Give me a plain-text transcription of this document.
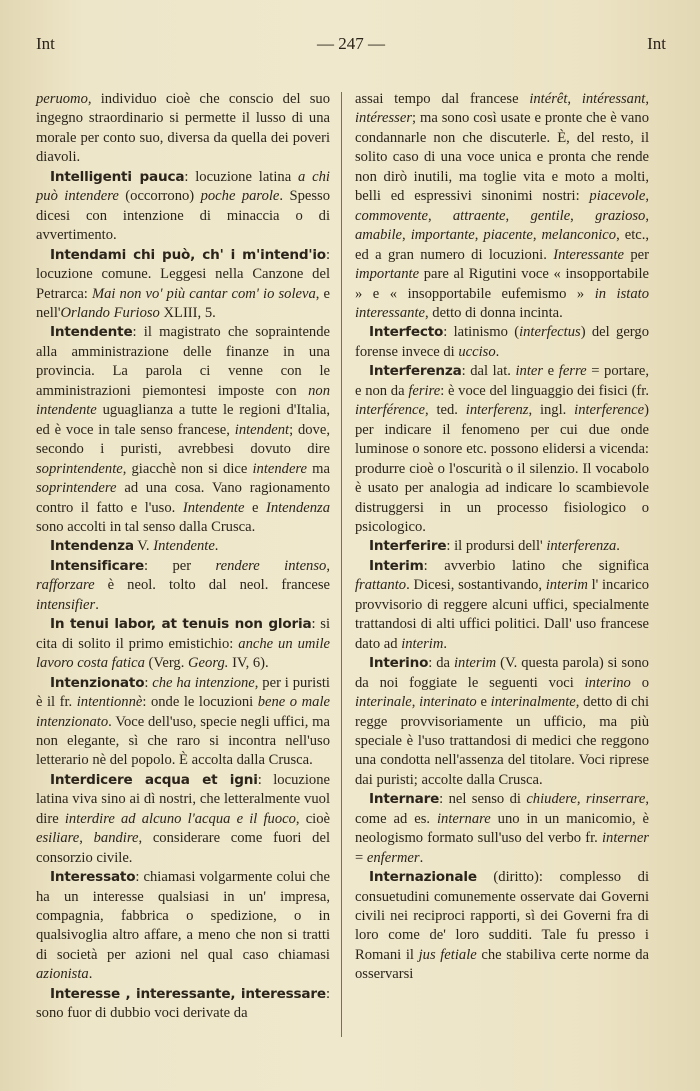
Int	— 247 —	Int

peruomo, individuo cioè che conscio del suo ingegno straordinario si permette il lusso di una morale per conto suo, diversa da quella dei poveri diavoli.

Intelligenti pauca: locuzione latina a chi può intendere (occorrono) poche parole. Spesso dicesi con intenzione di minaccia o di avvertimento.

Intendami chi può, ch' i m'intend'io: locuzione comune. Leggesi nella Canzone del Petrarca: Mai non vo' più cantar com' io soleva, e nell'Orlando Furioso XLIII, 5.

Intendente: il magistrato che sopraintende alla amministrazione delle finanze in una provincia. La parola ci venne con le amministrazioni piemontesi imposte con non intendente uguaglianza a tutte le regioni d'Italia, ed è voce in tale senso francese, intendent; dove, secondo i puristi, avrebbesi dovuto dire soprintendente, giacchè non si dice intendere ma soprintendere ad una cosa. Vano ragionamento contro il fatto e l'uso. Intendente e Intendenza sono accolti in tal senso dalla Crusca.

Intendenza V. Intendente.

Intensificare: per rendere intenso, rafforzare è neol. tolto dal neol. francese intensifier.

In tenui labor, at tenuis non gloria: si cita di solito il primo emistichio: anche un umile lavoro costa fatica (Verg. Georg. IV, 6).

Intenzionato: che ha intenzione, per i puristi è il fr. intentionnè: onde le locuzioni bene o male intenzionato. Voce dell'uso, specie negli uffici, ma non elegante, sì che raro si incontra nell'uso letterario nè del popolo. È accolta dalla Crusca.

Interdicere acqua et igni: locuzione latina viva sino ai dì nostri, che letteralmente vuol dire interdire ad alcuno l'acqua e il fuoco, cioè esiliare, bandire, considerare come fuori del consorzio civile.

Interessato: chiamasi volgarmente colui che ha un interesse qualsiasi in un' impresa, compagnia, fabbrica o spedizione, o in qualsivoglia altro affare, a meno che non si tratti di società per azioni nel qual caso chiamasi azionista.

Interesse , interessante, interessare: sono fuor di dubbio voci derivate da

assai tempo dal francese intérêt, intéressant, intéresser; ma sono così usate e pronte che è vano condannarle non che discuterle. È, del resto, il solito caso di una voce unica e pronta che rende non dirò inutili, ma toglie vita e moto a molti, belli ed espressivi sinonimi nostri: piacevole, commovente, attraente, gentile, grazioso, amabile, importante, piacente, melanconico, etc., ed a gran numero di locuzioni. Interessante per importante pare al Rigutini voce « insopportabile » e « insopportabile eufemismo » in istato interessante, detto di donna incinta.

Interfecto: latinismo (interfectus) del gergo forense invece di ucciso.

Interferenza: dal lat. inter e ferre = portare, e non da ferire: è voce del linguaggio dei fisici (fr. interférence, ted. interferenz, ingl. interference) per indicare il fenomeno per cui due onde luminose o sonore etc. possono elidersi a vicenda: produrre cioè o l'oscurità o il silenzio. Il vocabolo è usato per analogia ad indicare lo scambievole distruggersi in un processo fisiologico o psicologico.

Interferire: il prodursi dell' interferenza.

Interim: avverbio latino che significa frattanto. Dicesi, sostantivando, interim l' incarico provvisorio di reggere alcuni uffici, specialmente trattandosi di alti uffici politici. Dall' uso francese dato ad interim.

Interino: da interim (V. questa parola) si sono da noi foggiate le seguenti voci interino o interinale, interinato e interinalmente, detto di chi regge provvisoriamente un ufficio, ma più speciale è l'uso trattandosi di medici che reggono una condotta nell'assenza del titolare. Voci riprese dai puristi; accolte dalla Crusca.

Internare: nel senso di chiudere, rinserrare, come ad es. internare uno in un manicomio, è neologismo formato sull'uso del verbo fr. interner = enfermer.

Internazionale (diritto): complesso di consuetudini comunemente osservate dai Governi civili nei reciproci rapporti, sì dei Governi fra di loro come de' loro sudditi. Tale fu presso i Romani il jus fetiale che stabiliva certe norme da osservarsi
